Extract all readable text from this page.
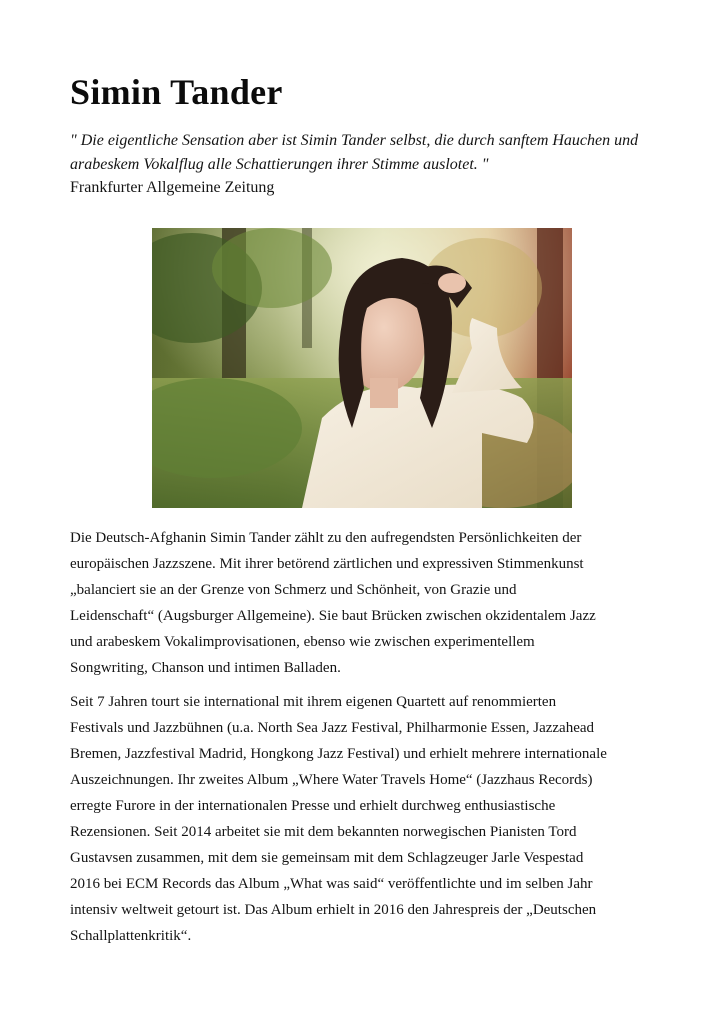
Simin Tander

" Die eigentliche Sensation aber ist Simin Tander selbst, die durch sanftem Hauchen und
arabeskem Vokalflug alle Schattierungen ihrer Stimme auslotet. "

Frankfurter Allgemeine Zeitung

Die Deutsch-Afghanin Simin Tander zählt zu den aufregendsten Persönlichkeiten der
europäischen Jazzszene. Mit ihrer betörend zärtlichen und expressiven Stimmenkunst
„balanciert sie an der Grenze von Schmerz und Schönheit, von Grazie und
Leidenschaft“ (Augsburger Allgemeine). Sie baut Brücken zwischen okzidentalem Jazz
und arabeskem Vokalimprovisationen, ebenso wie zwischen experimentellem
Songwriting, Chanson und intimen Balladen.

Seit 7 Jahren tourt sie international mit ihrem eigenen Quartett auf renommierten
Festivals und Jazzbühnen (u.a. North Sea Jazz Festival, Philharmonie Essen, Jazzahead
Bremen, Jazzfestival Madrid, Hongkong Jazz Festival) und erhielt mehrere internationale
Auszeichnungen. Ihr zweites Album „Where Water Travels Home“ (Jazzhaus Records)
erregte Furore in der internationalen Presse und erhielt durchweg enthusiastische
Rezensionen. Seit 2014 arbeitet sie mit dem bekannten norwegischen Pianisten Tord
Gustavsen zusammen, mit dem sie gemeinsam mit dem Schlagzeuger Jarle Vespestad
2016 bei ECM Records das Album „What was said“ veröffentlichte und im selben Jahr
intensiv weltweit getourt ist. Das Album erhielt in 2016 den Jahrespreis der „Deutschen
Schallplattenkritik“.
